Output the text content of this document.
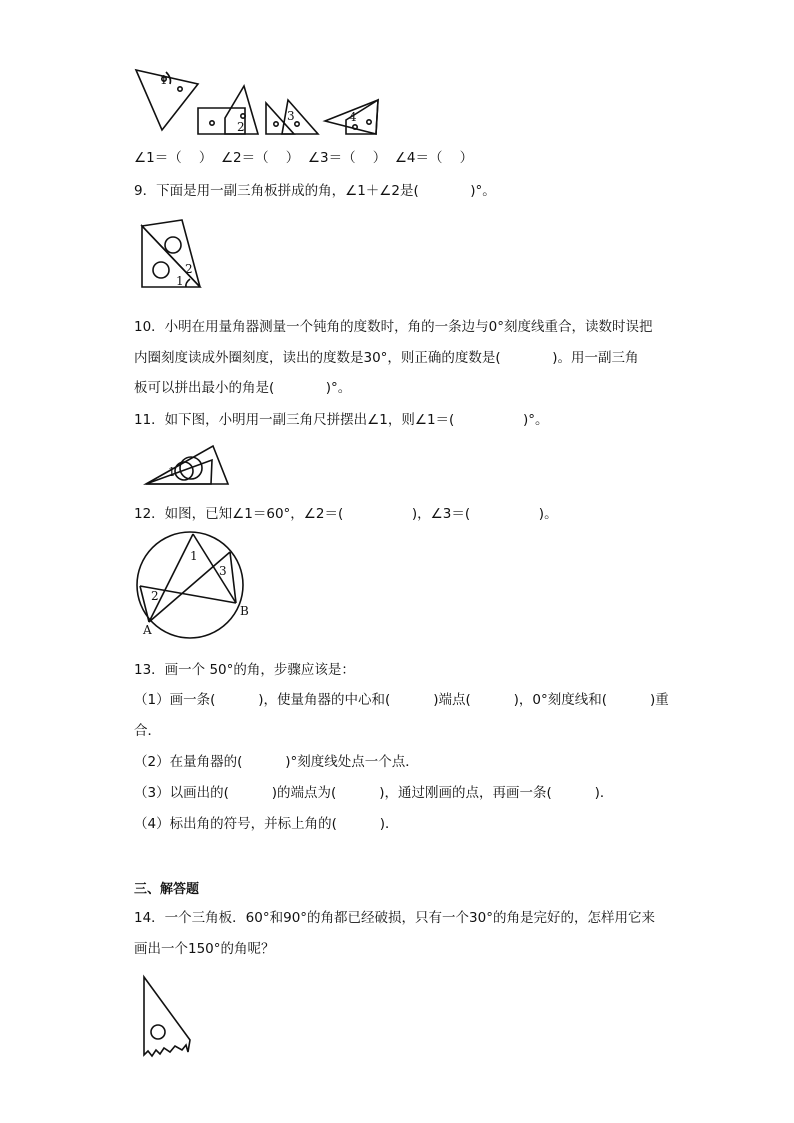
1
2
3	4
∠1＝（    ）  ∠2＝（    ）  ∠3＝（    ）  ∠4＝（    ）
9．下面是用一副三角板拼成的角，∠1＋∠2是(            )°。
1
2
10．小明在用量角器测量一个钝角的度数时，角的一条边与0°刻度线重合，读数时误把
内圈刻度读成外圈刻度，读出的度数是30°，则正确的度数是(            )。用一副三角
板可以拼出最小的角是(            )°。
11．如下图，小明用一副三角尺拼摆出∠1，则∠1＝(                )°。
1
12．如图，已知∠1＝60°，∠2＝(                )，∠3＝(                )。
1
2
3
A
B
13．画一个 50°的角，步骤应该是：
（1）画一条(          )，使量角器的中心和(          )端点(          )，0°刻度线和(          )重
合．
（2）在量角器的(          )°刻度线处点一个点．
（3）以画出的(          )的端点为(          )，通过刚画的点，再画一条(          )．
（4）标出角的符号，并标上角的(          )．
三、解答题
14．一个三角板．60°和90°的角都已经破损，只有一个30°的角是完好的，怎样用它来
画出一个150°的角呢？
